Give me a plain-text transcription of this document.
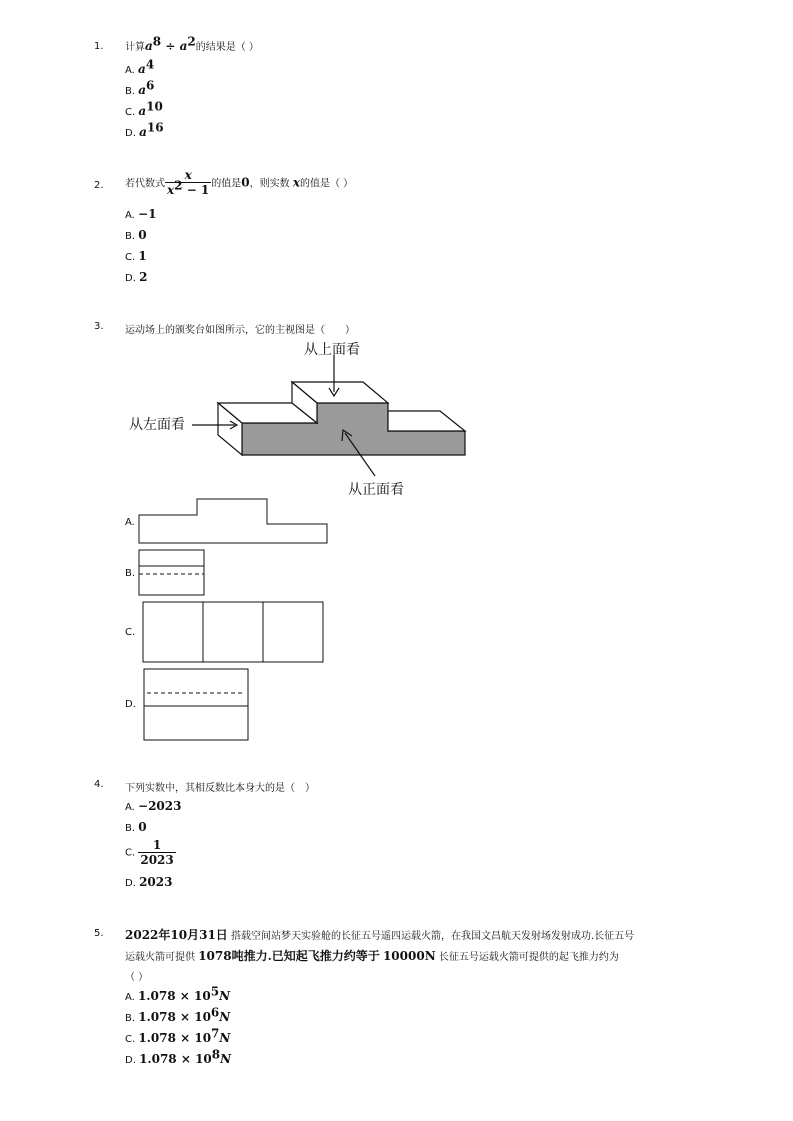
1. 计算$a^8 \div a^2$的结果是（ ）
A. $a^4$
B. $a^6$
C. $a^{10}$
D. $a^{16}$
2. 若代数式 $\frac{x}{x^2 - 1}$ 的值是0，则实数 x的值是（ ）
A. −1
B. 0
C. 1
D. 2
3. 运动场上的颁奖台如图所示，它的主视图是（　　）
从上面看
从左面看
从正面看
A.
B.
C.
D.
4. 下列实数中，其相反数比本身大的是（　）
A. −2023
B. 0
C. $\frac{1}{2023}$
D. 2023
5. 2022年10月31日 搭载空间站梦天实验舱的长征五号遥四运载火箭，在我国文昌航天发射场发射成功.长征五号
运载火箭可提供 1078吨推力.已知起飞推力约等于 10000N 长征五号运载火箭可提供的起飞推力约为
（ ）
A. $1.078 \times 10^5N$
B. $1.078 \times 10^6N$
C. $1.078 \times 10^7N$
D. $1.078 \times 10^8N$
